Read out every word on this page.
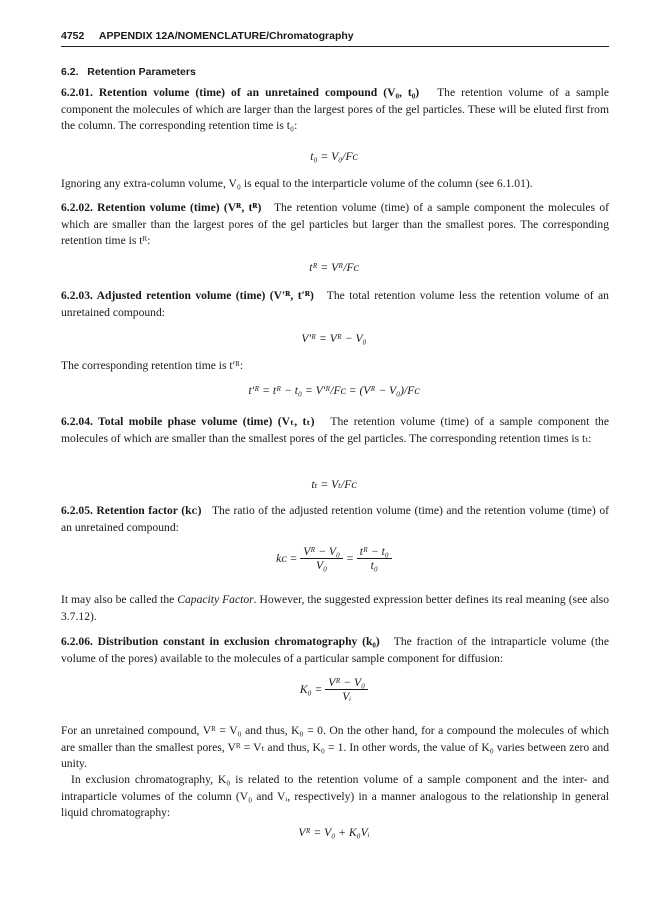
4752 APPENDIX 12A/NOMENCLATURE/Chromatography
6.2. Retention Parameters
6.2.01. Retention volume (time) of an unretained compound (V₀, t₀) The retention volume of a sample component the molecules of which are larger than the largest pores of the gel particles. These will be eluted first from the column. The corresponding retention time is t₀:
t₀ = V₀/Fᴄ
Ignoring any extra-column volume, V₀ is equal to the interparticle volume of the column (see 6.1.01).
6.2.02. Retention volume (time) (Vᴿ, tᴿ) The retention volume (time) of a sample component the molecules of which are smaller than the largest pores of the gel particles but larger than the smallest pores. The corresponding retention time is tᴿ:
tᴿ = Vᴿ/Fᴄ
6.2.03. Adjusted retention volume (time) (V′ᴿ, t′ᴿ) The total retention volume less the retention volume of an unretained compound:
V′ᴿ = Vᴿ − V₀
The corresponding retention time is t′ᴿ:
t′ᴿ = tᴿ − t₀ = V′ᴿ/Fᴄ = (Vᴿ − V₀)/Fᴄ
6.2.04. Total mobile phase volume (time) (Vₜ, tₜ) The retention volume (time) of a sample component the molecules of which are smaller than the smallest pores of the gel particles. The corresponding retention times is tₜ:
tₜ = Vₜ/Fᴄ
6.2.05. Retention factor (kᴄ) The ratio of the adjusted retention volume (time) and the retention volume (time) of an unretained compound:
kᴄ = $\frac{\text{Vᴿ − V₀}}{\text{V₀}} = \frac{\text{tᴿ − t₀}}{\text{t₀}}$
It may also be called the Capacity Factor. However, the suggested expression better defines its real meaning (see also 3.7.12).
6.2.06. Distribution constant in exclusion chromatography (k₀) The fraction of the intraparticle volume (the volume of the pores) available to the molecules of a particular sample component for diffusion:
$K_0 = \frac{\text{Vᴿ − V₀}}{\text{Vᵢ}}$
For an unretained compound, Vᴿ = V₀ and thus, K₀ = 0. On the other hand, for a compound the molecules of which are smaller than the smallest pores, Vᴿ = Vₜ and thus, K₀ = 1. In other words, the value of K₀ varies between zero and unity.
In exclusion chromatography, K₀ is related to the retention volume of a sample component and the inter- and intraparticle volumes of the column (V₀ and Vᵢ, respectively) in a manner analogous to the relationship in general liquid chromatography:
Vᴿ = V₀ + K₀Vᵢ
